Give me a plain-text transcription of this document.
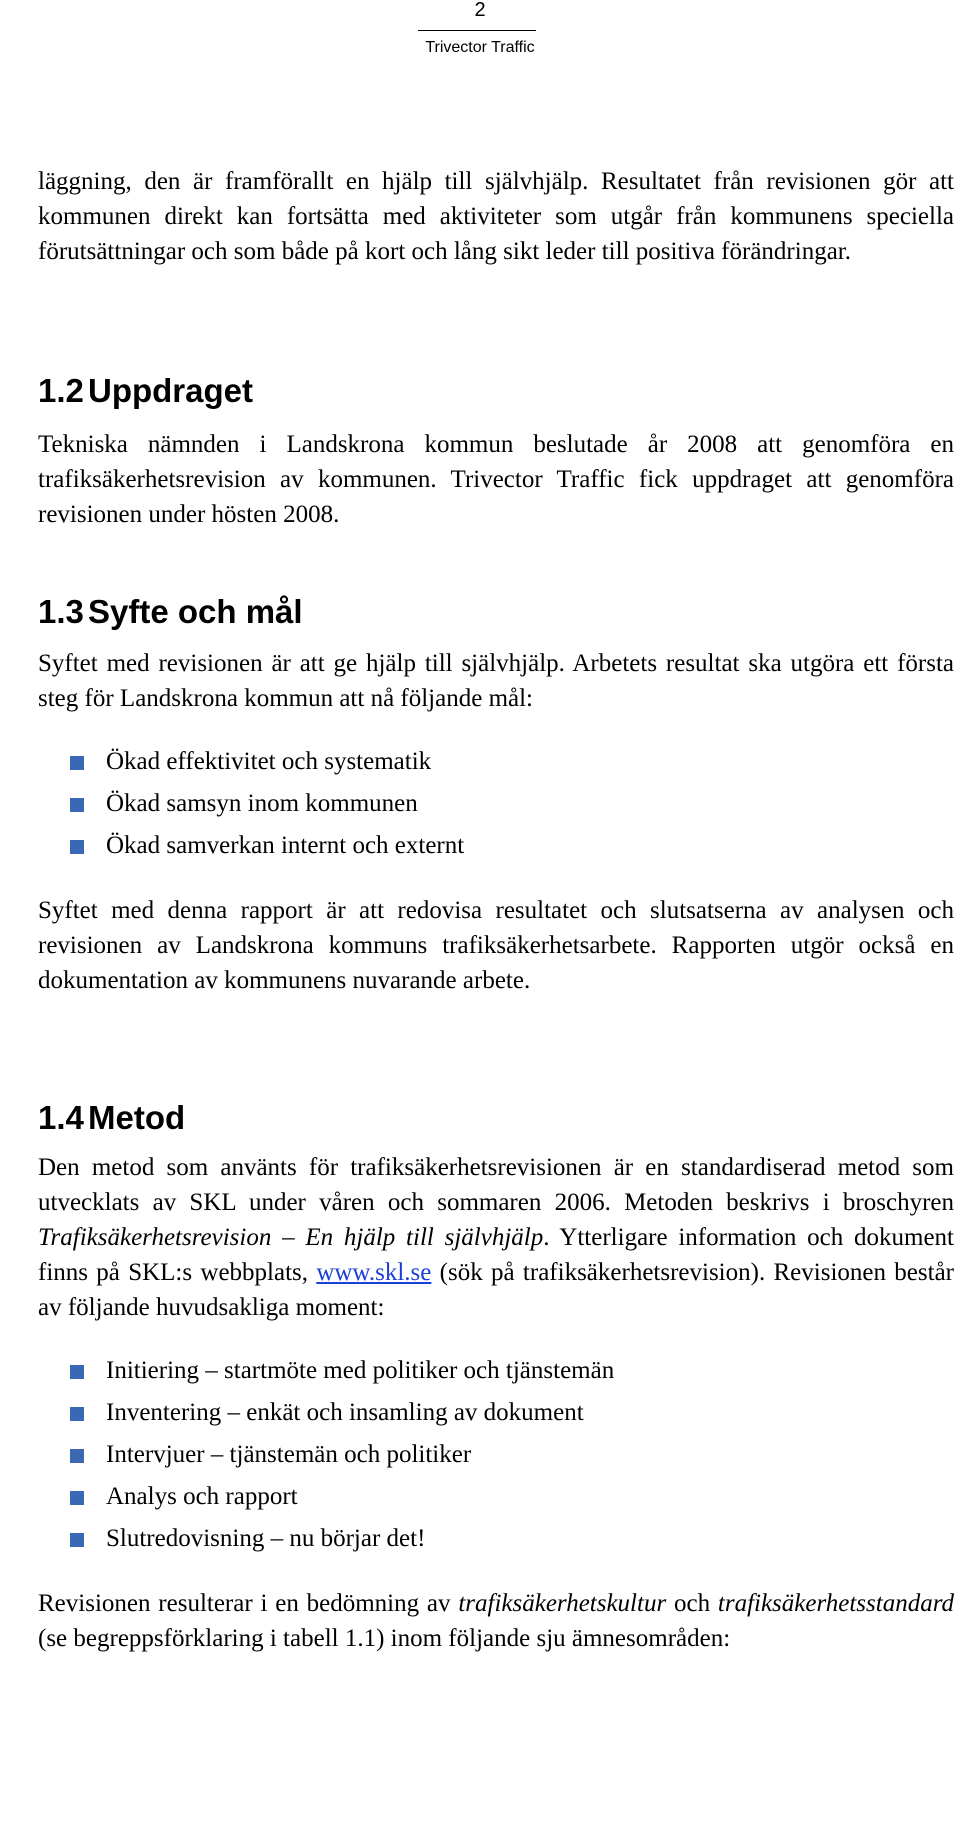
2
Trivector Traffic

läggning, den är framförallt en hjälp till självhjälp. Resultatet från revisionen gör att kommunen direkt kan fortsätta med aktiviteter som utgår från kommunens speciella förutsättningar och som både på kort och lång sikt leder till positiva förändringar.

1.2 Uppdraget

Tekniska nämnden i Landskrona kommun beslutade år 2008 att genomföra en trafiksäkerhetsrevision av kommunen. Trivector Traffic fick uppdraget att genomföra revisionen under hösten 2008.

1.3 Syfte och mål

Syftet med revisionen är att ge hjälp till självhjälp. Arbetets resultat ska utgöra ett första steg för Landskrona kommun att nå följande mål:

Ökad effektivitet och systematik
Ökad samsyn inom kommunen
Ökad samverkan internt och externt

Syftet med denna rapport är att redovisa resultatet och slutsatserna av analysen och revisionen av Landskrona kommuns trafiksäkerhetsarbete. Rapporten utgör också en dokumentation av kommunens nuvarande arbete.

1.4 Metod

Den metod som använts för trafiksäkerhetsrevisionen är en standardiserad metod som utvecklats av SKL under våren och sommaren 2006. Metoden beskrivs i broschyren Trafiksäkerhetsrevision – En hjälp till självhjälp. Ytterligare information och dokument finns på SKL:s webbplats, www.skl.se (sök på trafiksäkerhetsrevision). Revisionen består av följande huvudsakliga moment:

Initiering – startmöte med politiker och tjänstemän
Inventering – enkät och insamling av dokument
Intervjuer – tjänstemän och politiker
Analys och rapport
Slutredovisning – nu börjar det!

Revisionen resulterar i en bedömning av trafiksäkerhetskultur och trafiksäkerhetsstandard (se begreppsförklaring i tabell 1.1) inom följande sju ämnesområden:
